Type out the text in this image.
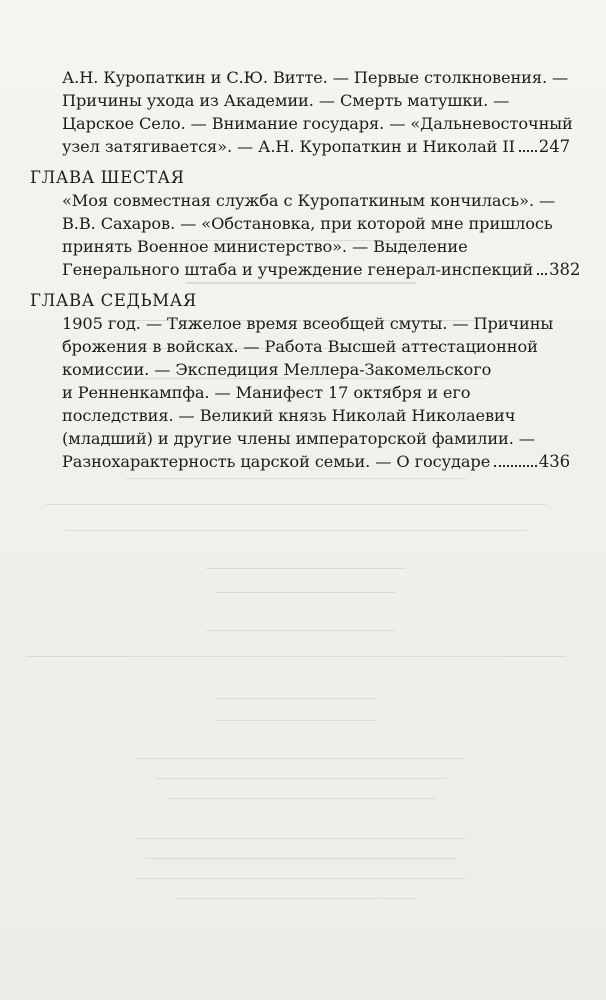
А.Н. Куропаткин и С.Ю. Витте. — Первые столкновения. —
Причины ухода из Академии. — Смерть матушки. —
Царское Село. — Внимание государя. — «Дальневосточный
узел затягивается». — А.Н. Куропаткин и Николай II 247
ГЛАВА ШЕСТАЯ
«Моя совместная служба с Куропаткиным кончилась». —
В.В. Сахаров. — «Обстановка, при которой мне пришлось
принять Военное министерство». — Выделение
Генерального штаба и учреждение генерал-инспекций 382
ГЛАВА СЕДЬМАЯ
1905 год. — Тяжелое время всеобщей смуты. — Причины
брожения в войсках. — Работа Высшей аттестационной
комиссии. — Экспедиция Меллера-Закомельского
и Ренненкампфа. — Манифест 17 октября и его
последствия. — Великий князь Николай Николаевич
(младший) и другие члены императорской фамилии. —
Разнохарактерность царской семьи. — О государе	436
